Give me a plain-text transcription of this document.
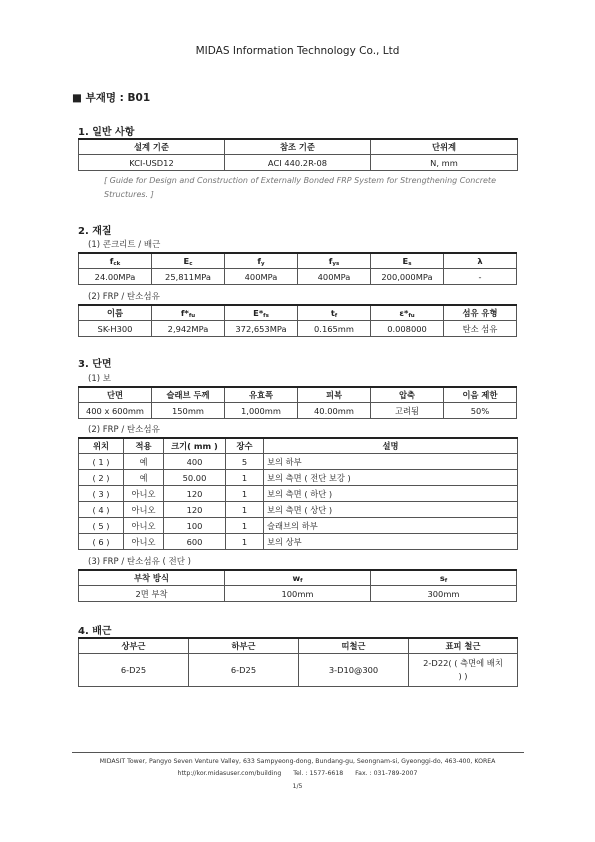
MIDAS Information Technology Co., Ltd
■ 부재명 : B01
1. 일반 사항
설계 기준	참조 기준	단위계
KCI-USD12	ACI 440.2R-08	N, mm
[ Guide for Design and Construction of Externally Bonded FRP System for Strengthening Concrete Structures. ]
2. 재질
(1) 콘크리트 / 배근
$f_{ck}$	$E_c$	$f_y$	$f_{ys}$	$E_s$	λ
24.00MPa	25,811MPa	400MPa	400MPa	200,000MPa	-
(2) FRP / 탄소섬유
이름	$f*_{fu}$	$E*_{fs}$	$t_f$	$\varepsilon*_{fu}$	섬유 유형
SK-H300	2,942MPa	372,653MPa	0.165mm	0.008000	탄소 섬유
3. 단면
(1) 보
단면	슬래브 두께	유효폭	피복	압축	이음 제한
400 x 600mm	150mm	1,000mm	40.00mm	고려됨	50%
(2) FRP / 탄소섬유
위치	적용	크기( mm )	장수	설명
( 1 )	예	400	5	보의 하부
( 2 )	예	50.00	1	보의 측면 ( 전단 보강 )
( 3 )	아니오	120	1	보의 측면 ( 하단 )
( 4 )	아니오	120	1	보의 측면 ( 상단 )
( 5 )	아니오	100	1	슬래브의 하부
( 6 )	아니오	600	1	보의 상부
(3) FRP / 탄소섬유 ( 전단 )
부착 방식	$w_f$	$s_f$
2면 부착	100mm	300mm
4. 배근
상부근	하부근	띠철근	표피 철근
6-D25	6-D25	3-D10@300	2-D22( ( 측면에 배치 ) )
MIDASIT Tower, Pangyo Seven Venture Valley, 633 Sampyeong-dong, Bundang-gu, Seongnam-si, Gyeonggi-do, 463-400, KOREA
http://kor.midasuser.com/building Tel. : 1577-6618 Fax. : 031-789-2007
1/5
